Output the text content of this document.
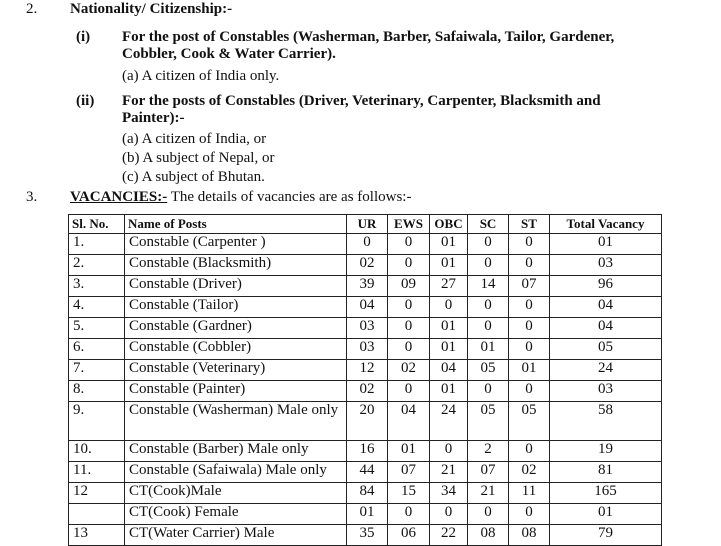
2. Nationality/ Citizenship:-
(i) For the post of Constables (Washerman, Barber, Safaiwala, Tailor, Gardener,
Cobbler, Cook & Water Carrier).
(a) A citizen of India only.
(ii) For the posts of Constables (Driver, Veterinary, Carpenter, Blacksmith and
Painter):-
(a) A citizen of India, or
(b) A subject of Nepal, or
(c) A subject of Bhutan.
3. VACANCIES:- The details of vacancies are as follows:-
Sl. No.	Name of Posts	UR	EWS	OBC	SC	ST	Total Vacancy
1.	Constable (Carpenter )	0	0	01	0	0	01
2.	Constable (Blacksmith)	02	0	01	0	0	03
3.	Constable (Driver)	39	09	27	14	07	96
4.	Constable (Tailor)	04	0	0	0	0	04
5.	Constable (Gardner)	03	0	01	0	0	04
6.	Constable (Cobbler)	03	0	01	01	0	05
7.	Constable (Veterinary)	12	02	04	05	01	24
8.	Constable (Painter)	02	0	01	0	0	03
9.	Constable (Washerman) Male only	20	04	24	05	05	58
10.	Constable (Barber) Male only	16	01	0	2	0	19
11.	Constable (Safaiwala) Male only	44	07	21	07	02	81
12	CT(Cook)Male	84	15	34	21	11	165
	CT(Cook) Female	01	0	0	0	0	01
13	CT(Water Carrier) Male	35	06	22	08	08	79
